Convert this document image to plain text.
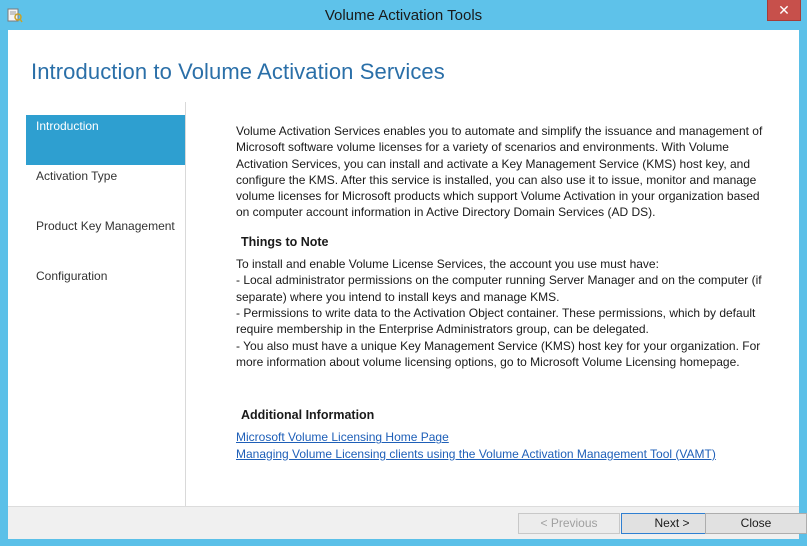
Volume Activation Tools	✕
Introduction to Volume Activation Services
Introduction
Activation Type
Product Key Management
Configuration

Volume Activation Services enables you to automate and simplify the issuance and management of Microsoft software volume licenses for a variety of scenarios and environments. With Volume Activation Services, you can install and activate a Key Management Service (KMS) host key, and configure the KMS. After this service is installed, you can also use it to issue, monitor and manage volume licenses for Microsoft products which support Volume Activation in your organization based on computer account information in Active Directory Domain Services (AD DS).

Things to Note

To install and enable Volume License Services, the account you use must have:

- Local administrator permissions on the computer running Server Manager and on the computer (if separate) where you intend to install keys and manage KMS.

- Permissions to write data to the Activation Object container. These permissions, which by default require membership in the Enterprise Administrators group, can be delegated.

- You also must have a unique Key Management Service (KMS) host key for your organization. For more information about volume licensing options, go to Microsoft Volume Licensing homepage.

Additional Information
Microsoft Volume Licensing Home Page
Managing Volume Licensing clients using the Volume Activation Management Tool (VAMT)
< Previous	Next >	Close
